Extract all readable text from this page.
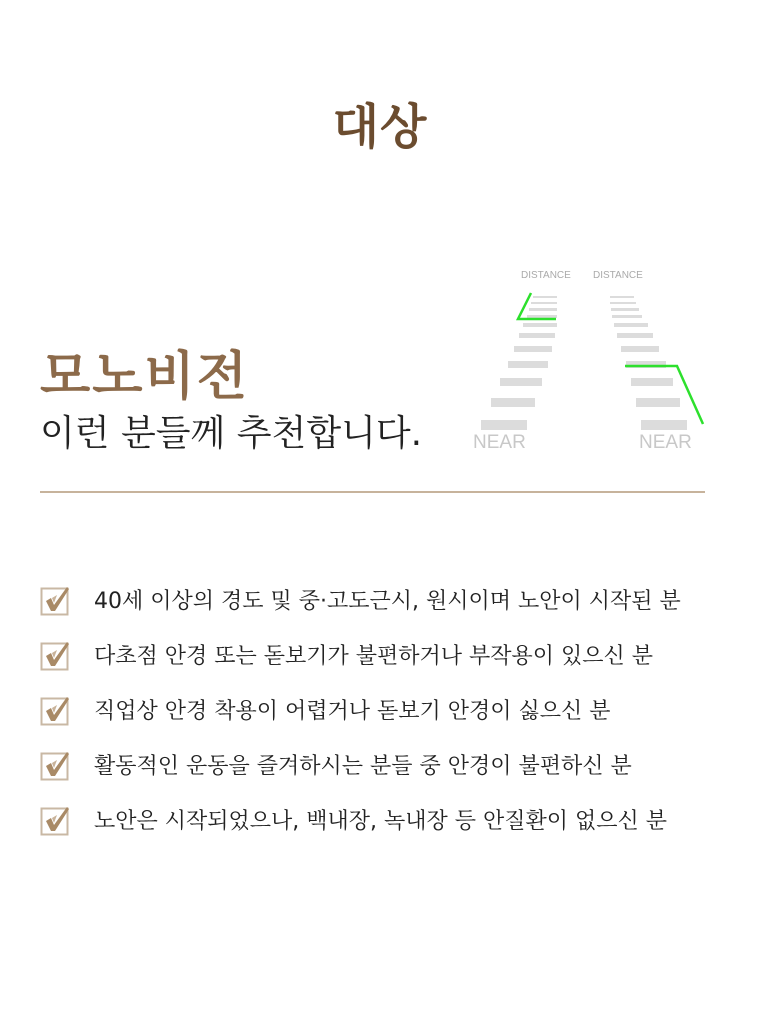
대상
모노비전

이런 분들께 추천합니다.

DISTANCE DISTANCE
NEAR	NEAR
40세 이상의 경도 및 중·고도근시, 원시이며 노안이 시작된 분
다초점 안경 또는 돋보기가 불편하거나 부작용이 있으신 분
직업상 안경 착용이 어렵거나 돋보기 안경이 싫으신 분
활동적인 운동을 즐겨하시는 분들 중 안경이 불편하신 분
노안은 시작되었으나, 백내장, 녹내장 등 안질환이 없으신 분
